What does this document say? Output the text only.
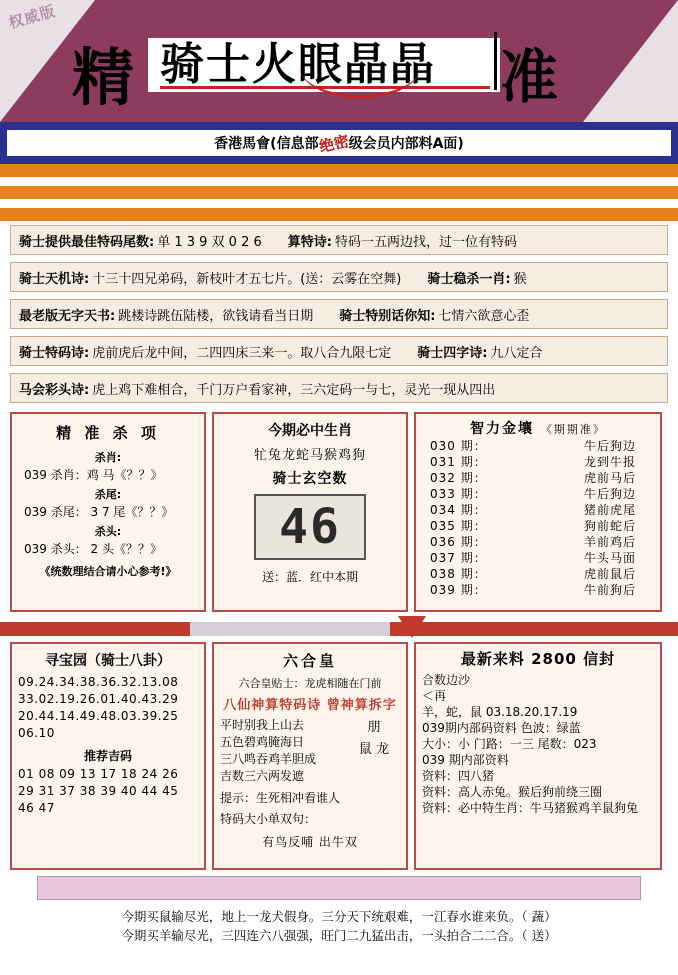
权威版
精 骑士火眼晶晶 准
香港馬會 (信息部
绝密
级会员内部料A面)
骑士提供最佳特码尾数: 单 1 3 9 双 0 2 6 算特诗: 特码一五两边找，过一位有特码
骑士天机诗: 十三十四兄弟码，新枝叶才五七片。(送：云雾在空舞) 骑士稳杀一肖: 猴
最老版无字天书: 跳楼诗跳伍陆楼，欲钱请看当日期 骑士特别话你知: 七情六欲意心歪
骑士特码诗: 虎前虎后龙中间，二四四床三来一。取八合九限七定 骑士四字诗: 九八定合
马会彩头诗: 虎上鸡下难相合，千门万户看家神，三六定码一与七，灵光一现从四出
精 准 杀 项
杀肖:
039 杀肖：鸡 马《？？》
杀尾:
039 杀尾： 3 7 尾《？？》
杀头:
039 杀头： 2 头《？？》
《统数理结合请小心参考!》
今期必中生肖
牤兔龙蛇马猴鸡狗
骑士玄空数
46
送：蓝．红中本期
智力金壤 《期期准》
030 期：	牛后狗边
031 期：	龙到牛报
032 期：	虎前马后
033 期：	牛后狗边
034 期：	猪前虎尾
035 期：	狗前蛇后
036 期：	羊前鸡后
037 期：	牛头马面
038 期：	虎前鼠后
039 期：	牛前狗后
寻宝园（骑士八卦）
09.24.34.38.36.32.13.08
33.02.19.26.01.40.43.29
20.44.14.49.48.03.39.25
06.10
推荐吉码
01 08 09 13 17 18 24 26
29 31 37 38 39 40 44 45
46 47
六合皇
六合皇贴士：龙虎相随在门前
八仙神算特码诗 曾神算拆字
平时别我上山去
五色碧鸡腌海日
三八鸣吞鸡羊胆成
吉数三六两发遮
朋
鼠 龙
提示：生死相冲看谁人
特码大小单双句：
有鸟反哺 出牛双
最新来料 2800 信封
合数边沙
＜再
羊，蛇，鼠 03.18.20.17.19
039期内部码资料 色波：绿蓝
大小：小 门路：一三 尾数：023
039 期内部资料
资料：四八猪
资料：高人赤兔。猴后狗前绕三圈
资料：必中特生肖：牛马猪猴鸡羊鼠狗兔
今期买鼠输尽光，地上一龙犬假身。三分天下统艰难，一江春水谁来负。（ 蔬）
今期买羊输尽光，三四连六八强强，旺门二九猛出击，一头拍合二二合。（ 送）
